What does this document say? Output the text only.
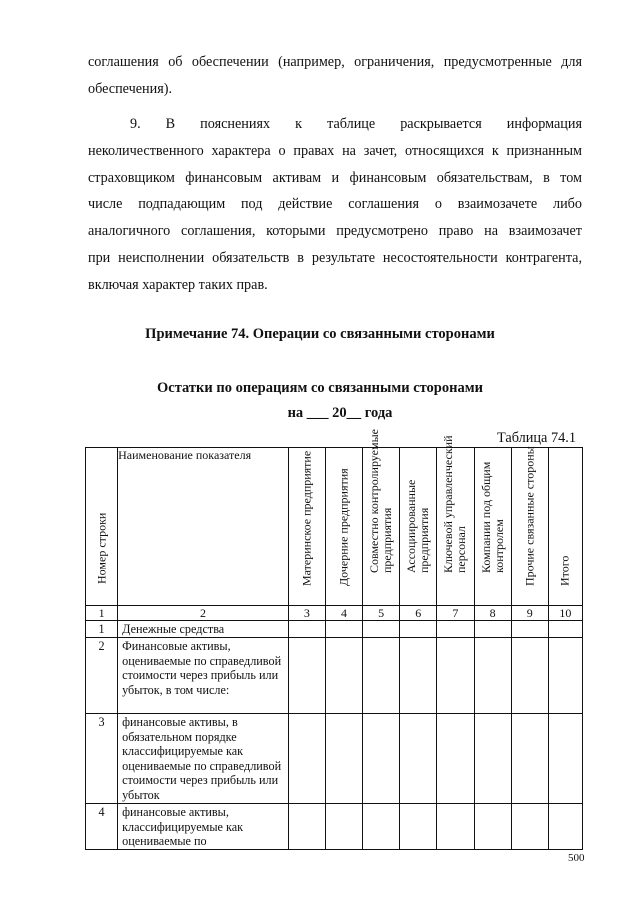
соглашения об обеспечении (например, ограничения, предусмотренные для
обеспечения).
9. В пояснениях к таблице раскрывается информация
неколичественного характера о правах на зачет, относящихся к признанным
страховщиком финансовым активам и финансовым обязательствам, в том
числе подпадающим под действие соглашения о взаимозачете либо
аналогичного соглашения, которыми предусмотрено право на взаимозачет
при неисполнении обязательств в результате несостоятельности контрагента,
включая характер таких прав.

Примечание 74. Операции со связанными сторонами

Остатки по операциям со связанными сторонами

на ___ 20__ года

Таблица 74.1

Номер строки	Наименование показателя	Материнское предприятие	Дочерние предприятия	Совместно контролируемые предприятия	Ассоциированные предприятия	Ключевой управленческий персонал	Компании под общим контролем	Прочие связанные стороны	Итого

1	2	3	4	5	6	7	8	9	10
1	Денежные средства								
2	Финансовые активы, оцениваемые по справедливой стоимости через прибыль или убыток, в том числе:								
3	финансовые активы, в обязательном порядке классифицируемые как оцениваемые по справедливой стоимости через прибыль или убыток								
4	финансовые активы, классифицируемые как оцениваемые по								

500
